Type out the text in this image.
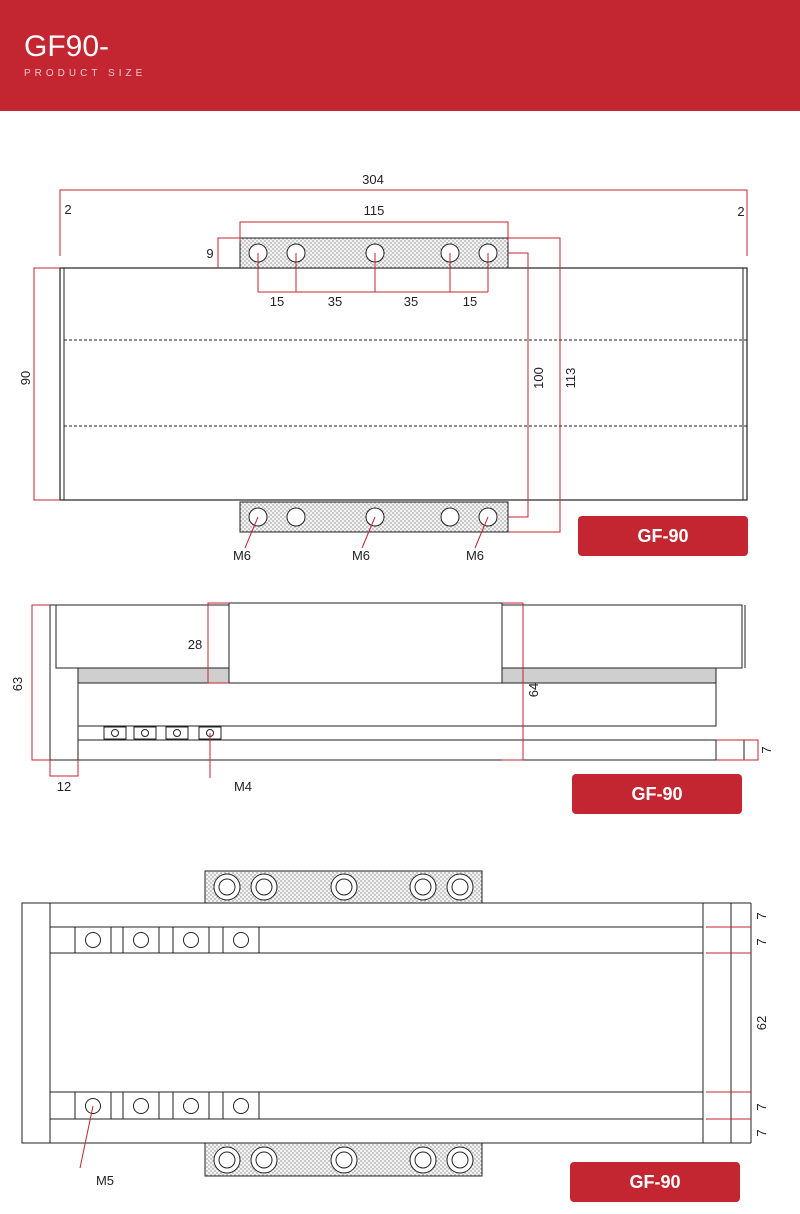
GF90-
PRODUCT SIZE
304
2	2
115
9
15	35	35	15
90	100 113
M6	M6	M6
63
28
64
12
7
M4
7
7
62
7
7
M5
GF-90
GF-90
GF-90
